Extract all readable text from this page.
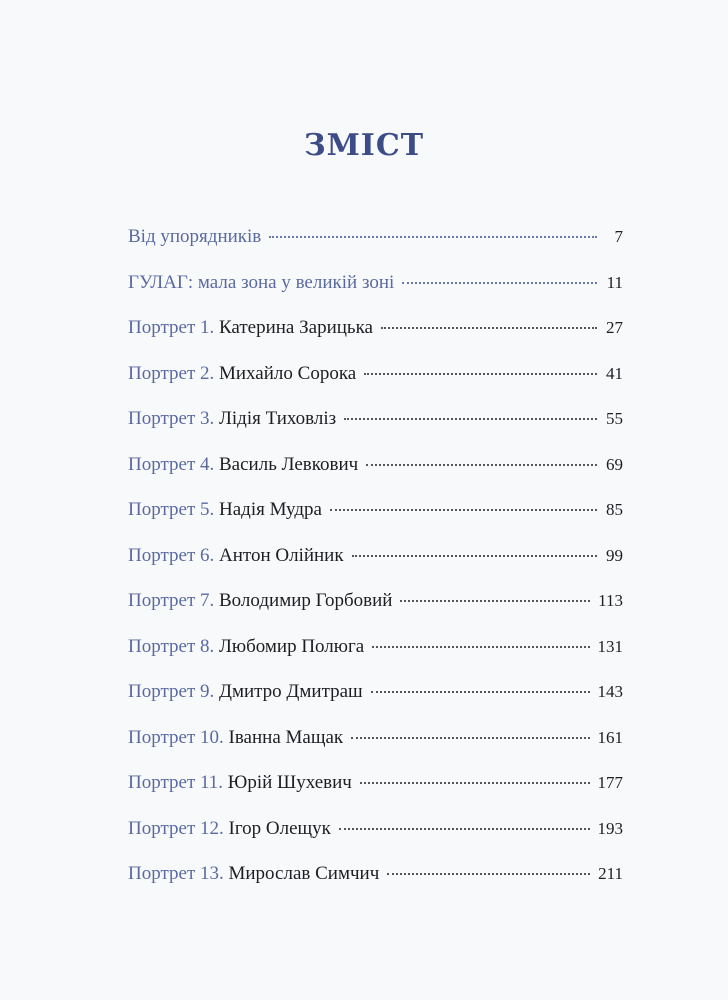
ЗМІСТ
Від упорядників	7
ГУЛАГ: мала зона у великій зоні	11
Портрет 1. Катерина Зарицька	27
Портрет 2. Михайло Сорока	41
Портрет 3. Лідія Тиховліз	55
Портрет 4. Василь Левкович	69
Портрет 5. Надія Мудра	85
Портрет 6. Антон Олійник	99
Портрет 7. Володимир Горбовий	113
Портрет 8. Любомир Полюга	131
Портрет 9. Дмитро Дмитраш	143
Портрет 10. Іванна Мащак	161
Портрет 11. Юрій Шухевич	177
Портрет 12. Ігор Олещук	193
Портрет 13. Мирослав Симчич	211
